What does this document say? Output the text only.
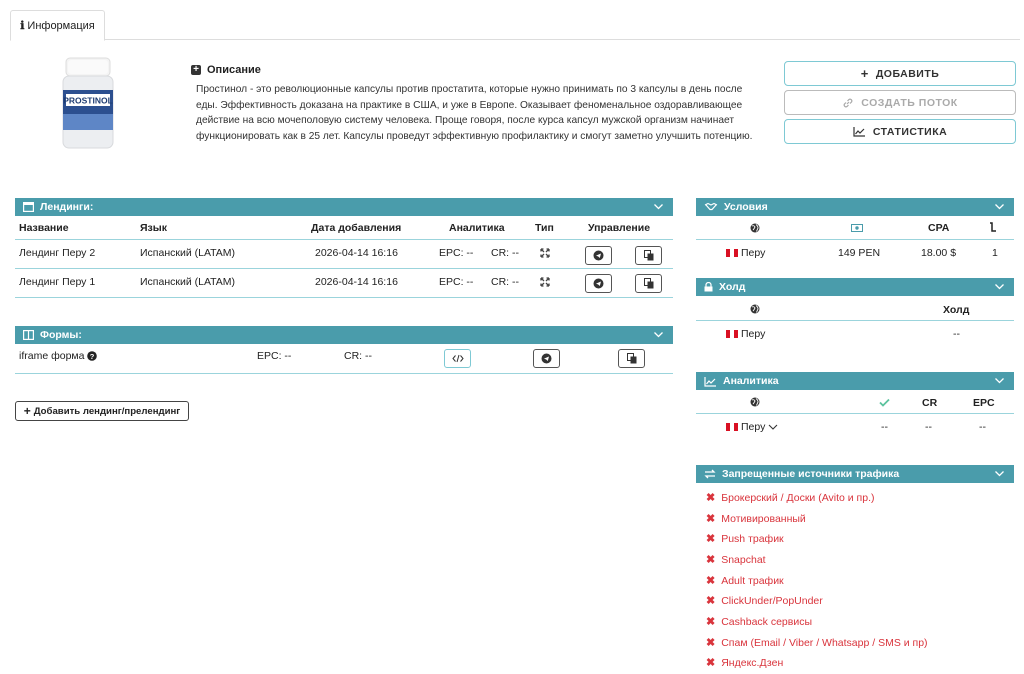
ℹ Информация
PROSTINOL
+ Описание
Простинол - это революционные капсулы против простатита, которые нужно принимать по 3 капсулы в день после еды. Эффективность доказана на практике в США, и уже в Европе. Оказывает феноменальное оздоравливающее действие на всю мочеполовую систему человека. Проще говоря, после курса капсул мужской организм начинает функционировать как в 25 лет. Капсулы проведут эффективную профилактику и смогут заметно улучшить потенцию.
+ ДОБАВИТЬ
СОЗДАТЬ ПОТОК
СТАТИСТИКА
Лендинги:
Название	Язык	Дата добавления	Аналитика	Тип	Управление
Лендинг Перу 2	Испанский (LATAM)	2026-04-14 16:16	EPC: -- CR: --
Лендинг Перу 1	Испанский (LATAM)	2026-04-14 16:16	EPC: -- CR: --
Формы:
iframe форма ?	EPC: --	CR: --
+ Добавить лендинг/прелендинг
Условия
CPA
Перу	149 PEN	18.00 $	1
Холд
Холд
Перу	--
Аналитика
CR	EPC
Перу	--	--	--
Запрещенные источники трафика
✖ Брокерский / Доски (Avito и пр.)
✖ Мотивированный
✖ Push трафик
✖ Snapchat
✖ Adult трафик
✖ ClickUnder/PopUnder
✖ Cashback сервисы
✖ Спам (Email / Viber / Whatsapp / SMS и пр)
✖ Яндекс.Дзен
